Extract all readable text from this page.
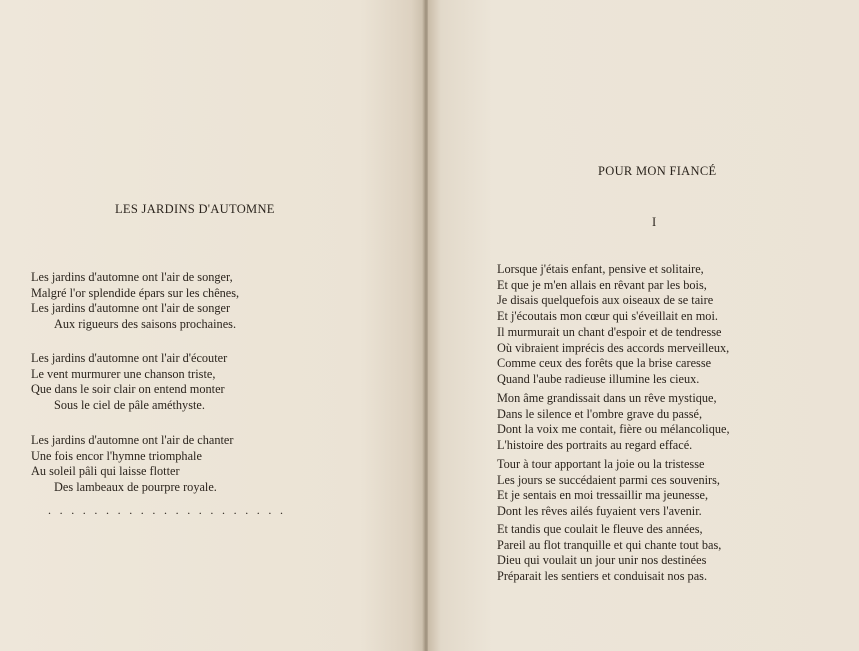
LES JARDINS D'AUTOMNE
Les jardins d'automne ont l'air de songer,
Malgré l'or splendide épars sur les chênes,
Les jardins d'automne ont l'air de songer
Aux rigueurs des saisons prochaines.
Les jardins d'automne ont l'air d'écouter
Le vent murmurer une chanson triste,
Que dans le soir clair on entend monter
Sous le ciel de pâle améthyste.
Les jardins d'automne ont l'air de chanter
Une fois encor l'hymne triomphale
Au soleil pâli qui laisse flotter
Des lambeaux de pourpre royale.
.....................
POUR MON FIANCÉ
I
Lorsque j'étais enfant, pensive et solitaire,
Et que je m'en allais en rêvant par les bois,
Je disais quelquefois aux oiseaux de se taire
Et j'écoutais mon cœur qui s'éveillait en moi.
Il murmurait un chant d'espoir et de tendresse
Où vibraient imprécis des accords merveilleux,
Comme ceux des forêts que la brise caresse
Quand l'aube radieuse illumine les cieux.
Mon âme grandissait dans un rêve mystique,
Dans le silence et l'ombre grave du passé,
Dont la voix me contait, fière ou mélancolique,
L'histoire des portraits au regard effacé.
Tour à tour apportant la joie ou la tristesse
Les jours se succédaient parmi ces souvenirs,
Et je sentais en moi tressaillir ma jeunesse,
Dont les rêves ailés fuyaient vers l'avenir.
Et tandis que coulait le fleuve des années,
Pareil au flot tranquille et qui chante tout bas,
Dieu qui voulait un jour unir nos destinées
Préparait les sentiers et conduisait nos pas.
